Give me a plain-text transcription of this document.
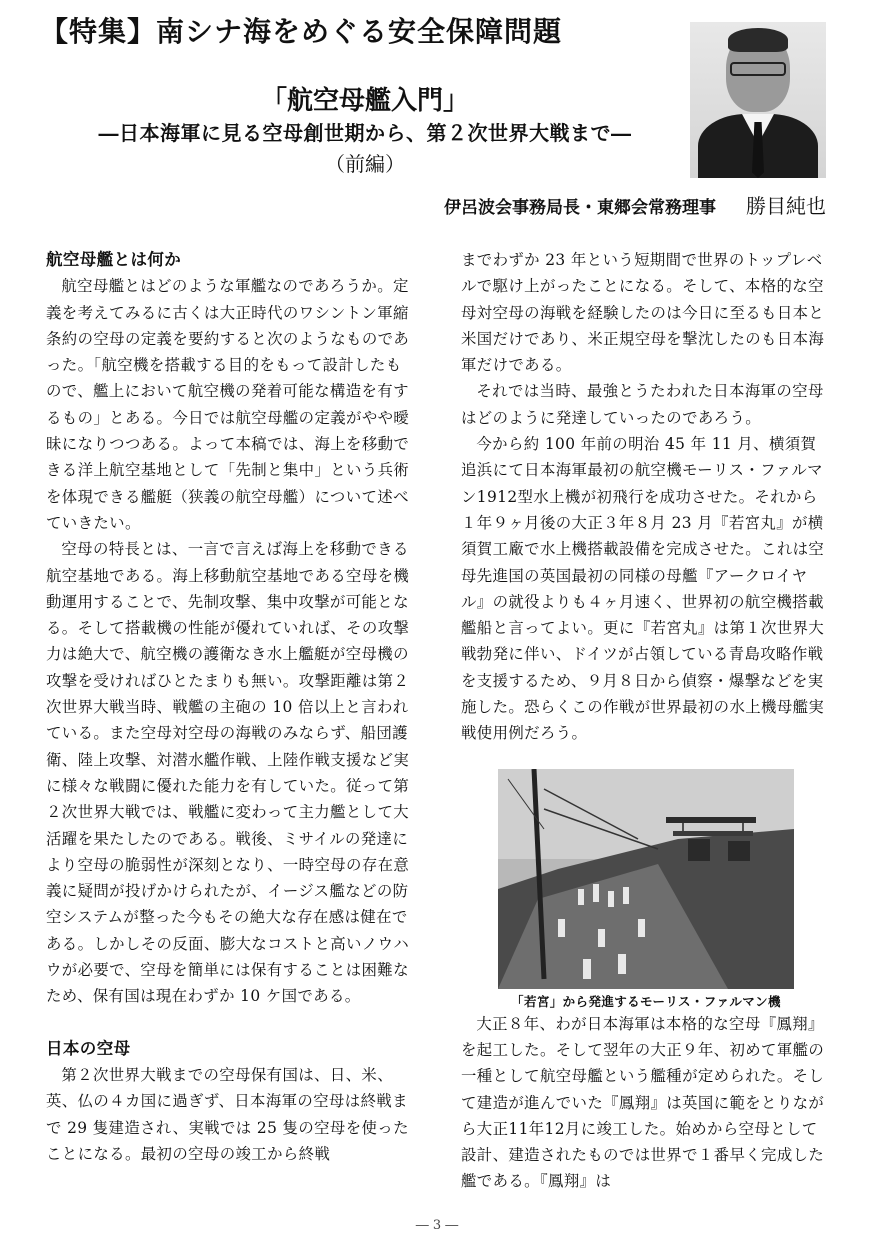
【特集】南シナ海をめぐる安全保障問題
「航空母艦入門」
―日本海軍に見る空母創世期から、第２次世界大戦まで―
（前編）
伊呂波会事務局長・東郷会常務理事 勝目純也
航空母艦とは何か

航空母艦とはどのような軍艦なのであろうか。定義を考えてみるに古くは大正時代のワシントン軍縮条約の空母の定義を要約すると次のようなものであった。「航空機を搭載する目的をもって設計したもので、艦上において航空機の発着可能な構造を有するもの」とある。今日では航空母艦の定義がやや曖昧になりつつある。よって本稿では、海上を移動できる洋上航空基地として「先制と集中」という兵術を体現できる艦艇（狭義の航空母艦）について述べていきたい。

空母の特長とは、一言で言えば海上を移動できる航空基地である。海上移動航空基地である空母を機動運用することで、先制攻撃、集中攻撃が可能となる。そして搭載機の性能が優れていれば、その攻撃力は絶大で、航空機の護衛なき水上艦艇が空母機の攻撃を受ければひとたまりも無い。攻撃距離は第２次世界大戦当時、戦艦の主砲の 10 倍以上と言われている。また空母対空母の海戦のみならず、船団護衛、陸上攻撃、対潜水艦作戦、上陸作戦支援など実に様々な戦闘に優れた能力を有していた。従って第２次世界大戦では、戦艦に変わって主力艦として大活躍を果たしたのである。戦後、ミサイルの発達により空母の脆弱性が深刻となり、一時空母の存在意義に疑問が投げかけられたが、イージス艦などの防空システムが整った今もその絶大な存在感は健在である。しかしその反面、膨大なコストと高いノウハウが必要で、空母を簡単には保有することは困難なため、保有国は現在わずか 10 ケ国である。

日本の空母

第２次世界大戦までの空母保有国は、日、米、英、仏の４カ国に過ぎず、日本海軍の空母は終戦まで 29 隻建造され、実戦では 25 隻の空母を使ったことになる。最初の空母の竣工から終戦

までわずか 23 年という短期間で世界のトップレベルで駆け上がったことになる。そして、本格的な空母対空母の海戦を経験したのは今日に至るも日本と米国だけであり、米正規空母を撃沈したのも日本海軍だけである。

それでは当時、最強とうたわれた日本海軍の空母はどのように発達していったのであろう。

今から約 100 年前の明治 45 年 11 月、横須賀追浜にて日本海軍最初の航空機モーリス・ファルマン1912型水上機が初飛行を成功させた。それから１年９ヶ月後の大正３年８月 23 月『若宮丸』が横須賀工廠で水上機搭載設備を完成させた。これは空母先進国の英国最初の同様の母艦『アークロイヤル』の就役よりも４ヶ月速く、世界初の航空機搭載艦船と言ってよい。更に『若宮丸』は第１次世界大戦勃発に伴い、ドイツが占領している青島攻略作戦を支援するため、９月８日から偵察・爆撃などを実施した。恐らくこの作戦が世界最初の水上機母艦実戦使用例だろう。

「若宮」から発進するモーリス・ファルマン機

大正８年、わが日本海軍は本格的な空母『鳳翔』を起工した。そして翌年の大正９年、初めて軍艦の一種として航空母艦という艦種が定められた。そして建造が進んでいた『鳳翔』は英国に範をとりながら大正11年12月に竣工した。始めから空母として設計、建造されたものでは世界で１番早く完成した艦である。『鳳翔』は

― 3 ―
